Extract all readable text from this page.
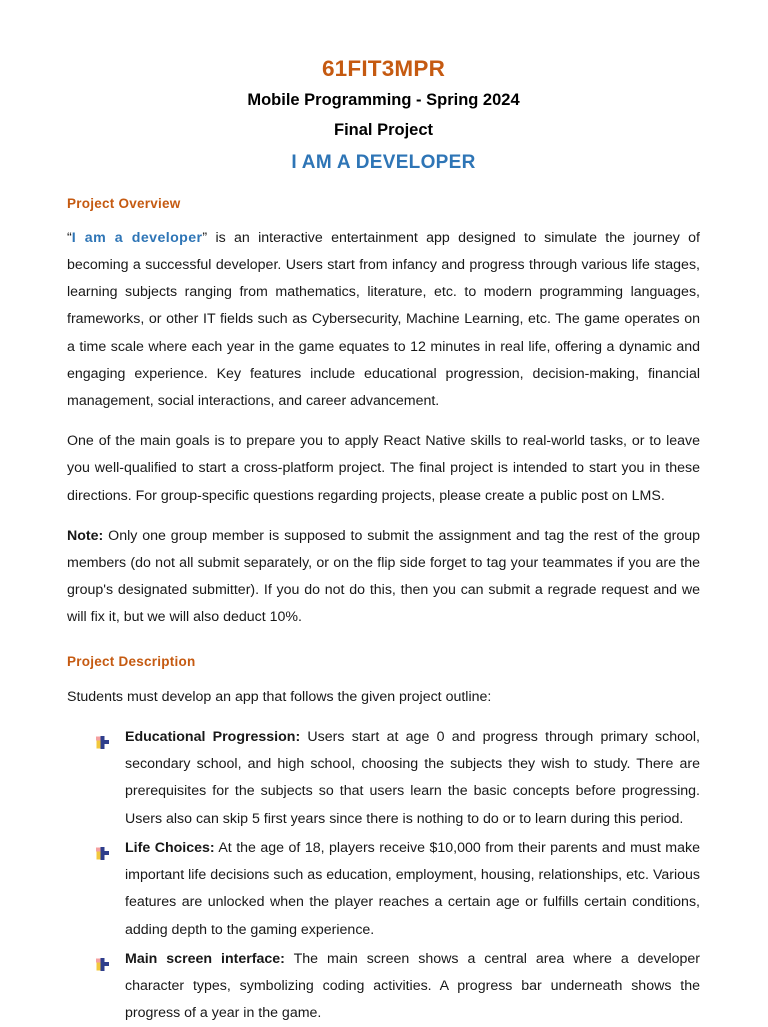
61FIT3MPR
Mobile Programming - Spring 2024
Final Project
I AM A DEVELOPER
Project Overview

“I am a developer” is an interactive entertainment app designed to simulate the journey of becoming a successful developer. Users start from infancy and progress through various life stages, learning subjects ranging from mathematics, literature, etc. to modern programming languages, frameworks, or other IT fields such as Cybersecurity, Machine Learning, etc. The game operates on a time scale where each year in the game equates to 12 minutes in real life, offering a dynamic and engaging experience. Key features include educational progression, decision-making, financial management, social interactions, and career advancement.

One of the main goals is to prepare you to apply React Native skills to real-world tasks, or to leave you well-qualified to start a cross-platform project. The final project is intended to start you in these directions. For group-specific questions regarding projects, please create a public post on LMS.

Note: Only one group member is supposed to submit the assignment and tag the rest of the group members (do not all submit separately, or on the flip side forget to tag your teammates if you are the group's designated submitter). If you do not do this, then you can submit a regrade request and we will fix it, but we will also deduct 10%.

Project Description

Students must develop an app that follows the given project outline:

Educational Progression: Users start at age 0 and progress through primary school, secondary school, and high school, choosing the subjects they wish to study. There are prerequisites for the subjects so that users learn the basic concepts before progressing. Users also can skip 5 first years since there is nothing to do or to learn during this period.
Life Choices: At the age of 18, players receive $10,000 from their parents and must make important life decisions such as education, employment, housing, relationships, etc. Various features are unlocked when the player reaches a certain age or fulfills certain conditions, adding depth to the gaming experience.
Main screen interface: The main screen shows a central area where a developer character types, symbolizing coding activities. A progress bar underneath shows the progress of a year in the game.
